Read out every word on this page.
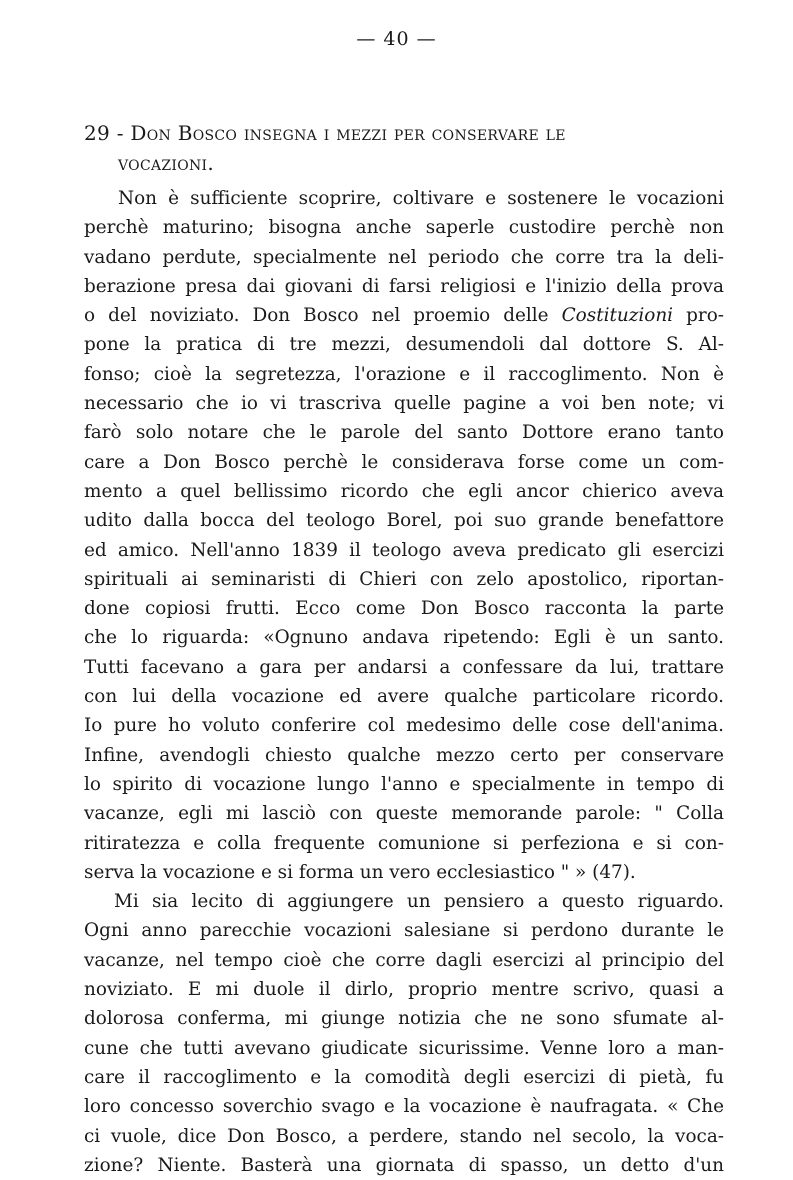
— 40 —
29 - Don Bosco insegna i mezzi per conservare le
vocazioni.
Non è sufficiente scoprire, coltivare e sostenere le vocazioni
perchè maturino; bisogna anche saperle custodire perchè non
vadano perdute, specialmente nel periodo che corre tra la deli-
berazione presa dai giovani di farsi religiosi e l'inizio della prova
o del noviziato. Don Bosco nel proemio delle Costituzioni pro-
pone la pratica di tre mezzi, desumendoli dal dottore S. Al-
fonso; cioè la segretezza, l'orazione e il raccoglimento. Non è
necessario che io vi trascriva quelle pagine a voi ben note; vi
farò solo notare che le parole del santo Dottore erano tanto
care a Don Bosco perchè le considerava forse come un com-
mento a quel bellissimo ricordo che egli ancor chierico aveva
udito dalla bocca del teologo Borel, poi suo grande benefattore
ed amico. Nell'anno 1839 il teologo aveva predicato gli esercizi
spirituali ai seminaristi di Chieri con zelo apostolico, riportan-
done copiosi frutti. Ecco come Don Bosco racconta la parte
che lo riguarda: «Ognuno andava ripetendo: Egli è un santo.
Tutti facevano a gara per andarsi a confessare da lui, trattare
con lui della vocazione ed avere qualche particolare ricordo.
Io pure ho voluto conferire col medesimo delle cose dell'anima.
Infine, avendogli chiesto qualche mezzo certo per conservare
lo spirito di vocazione lungo l'anno e specialmente in tempo di
vacanze, egli mi lasciò con queste memorande parole: " Colla
ritiratezza e colla frequente comunione si perfeziona e si con-
serva la vocazione e si forma un vero ecclesiastico " » (47).
Mi sia lecito di aggiungere un pensiero a questo riguardo.
Ogni anno parecchie vocazioni salesiane si perdono durante le
vacanze, nel tempo cioè che corre dagli esercizi al principio del
noviziato. E mi duole il dirlo, proprio mentre scrivo, quasi a
dolorosa conferma, mi giunge notizia che ne sono sfumate al-
cune che tutti avevano giudicate sicurissime. Venne loro a man-
care il raccoglimento e la comodità degli esercizi di pietà, fu
loro concesso soverchio svago e la vocazione è naufragata. « Che
ci vuole, dice Don Bosco, a perdere, stando nel secolo, la voca-
zione? Niente. Basterà una giornata di spasso, un detto d'un
